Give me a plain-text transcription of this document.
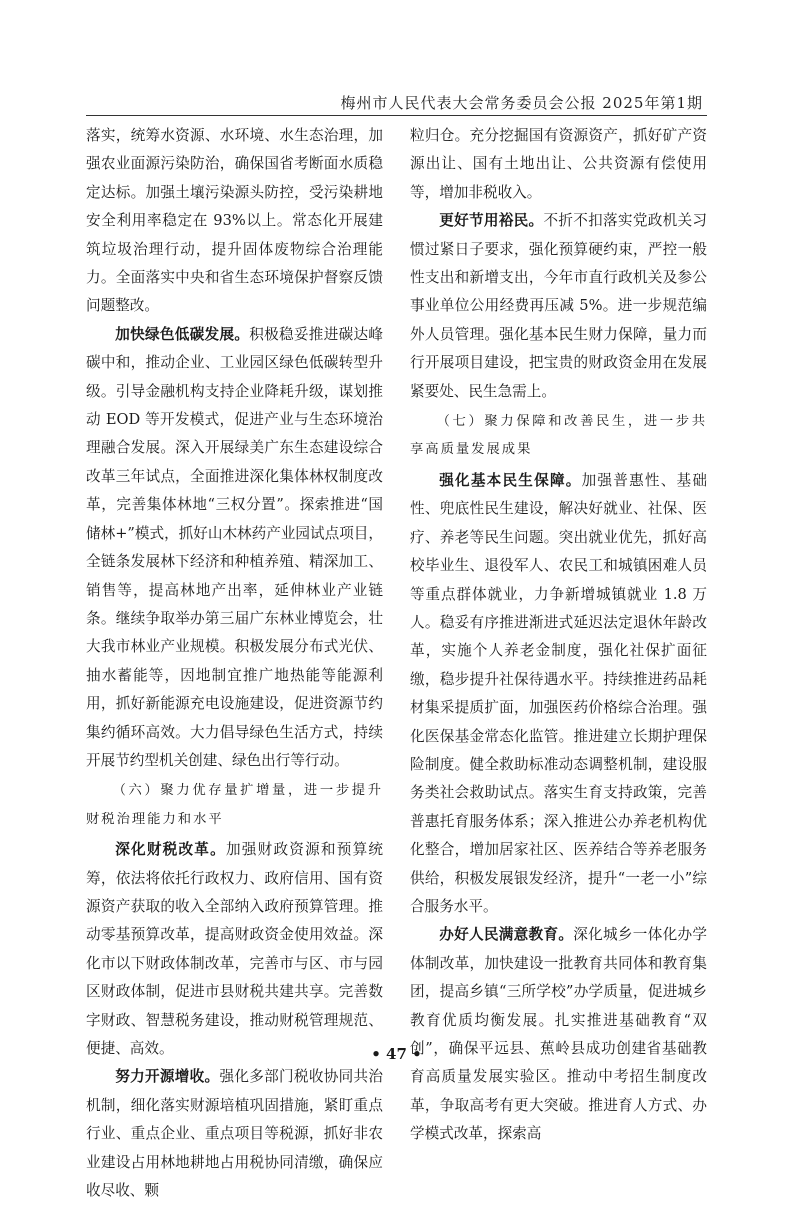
梅州市人民代表大会常务委员会公报 2025年第1期

落实，统筹水资源、水环境、水生态治理，加强农业面源污染防治，确保国省考断面水质稳定达标。加强土壤污染源头防控，受污染耕地安全利用率稳定在 93%以上。常态化开展建筑垃圾治理行动，提升固体废物综合治理能力。全面落实中央和省生态环境保护督察反馈问题整改。

加快绿色低碳发展。积极稳妥推进碳达峰碳中和，推动企业、工业园区绿色低碳转型升级。引导金融机构支持企业降耗升级，谋划推动 EOD 等开发模式，促进产业与生态环境治理融合发展。深入开展绿美广东生态建设综合改革三年试点，全面推进深化集体林权制度改革，完善集体林地“三权分置”。探索推进“国储林+”模式，抓好山木林药产业园试点项目，全链条发展林下经济和种植养殖、精深加工、销售等，提高林地产出率，延伸林业产业链条。继续争取举办第三届广东林业博览会，壮大我市林业产业规模。积极发展分布式光伏、抽水蓄能等，因地制宜推广地热能等能源利用，抓好新能源充电设施建设，促进资源节约集约循环高效。大力倡导绿色生活方式，持续开展节约型机关创建、绿色出行等行动。

（六）聚力优存量扩增量，进一步提升财税治理能力和水平

深化财税改革。加强财政资源和预算统筹，依法将依托行政权力、政府信用、国有资源资产获取的收入全部纳入政府预算管理。推动零基预算改革，提高财政资金使用效益。深化市以下财政体制改革，完善市与区、市与园区财政体制，促进市县财税共建共享。完善数字财政、智慧税务建设，推动财税管理规范、便捷、高效。

努力开源增收。强化多部门税收协同共治机制，细化落实财源培植巩固措施，紧盯重点行业、重点企业、重点项目等税源，抓好非农业建设占用林地耕地占用税协同清缴，确保应收尽收、颗

粒归仓。充分挖掘国有资源资产，抓好矿产资源出让、国有土地出让、公共资源有偿使用等，增加非税收入。

更好节用裕民。不折不扣落实党政机关习惯过紧日子要求，强化预算硬约束，严控一般性支出和新增支出，今年市直行政机关及参公事业单位公用经费再压减 5%。进一步规范编外人员管理。强化基本民生财力保障，量力而行开展项目建设，把宝贵的财政资金用在发展紧要处、民生急需上。

（七）聚力保障和改善民生，进一步共享高质量发展成果

强化基本民生保障。加强普惠性、基础性、兜底性民生建设，解决好就业、社保、医疗、养老等民生问题。突出就业优先，抓好高校毕业生、退役军人、农民工和城镇困难人员等重点群体就业，力争新增城镇就业 1.8 万人。稳妥有序推进渐进式延迟法定退休年龄改革，实施个人养老金制度，强化社保扩面征缴，稳步提升社保待遇水平。持续推进药品耗材集采提质扩面，加强医药价格综合治理。强化医保基金常态化监管。推进建立长期护理保险制度。健全救助标准动态调整机制，建设服务类社会救助试点。落实生育支持政策，完善普惠托育服务体系；深入推进公办养老机构优化整合，增加居家社区、医养结合等养老服务供给，积极发展银发经济，提升“一老一小”综合服务水平。

办好人民满意教育。深化城乡一体化办学体制改革，加快建设一批教育共同体和教育集团，提高乡镇“三所学校”办学质量，促进城乡教育优质均衡发展。扎实推进基础教育“双创”，确保平远县、蕉岭县成功创建省基础教育高质量发展实验区。推动中考招生制度改革，争取高考有更大突破。推进育人方式、办学模式改革，探索高

• 47 •
